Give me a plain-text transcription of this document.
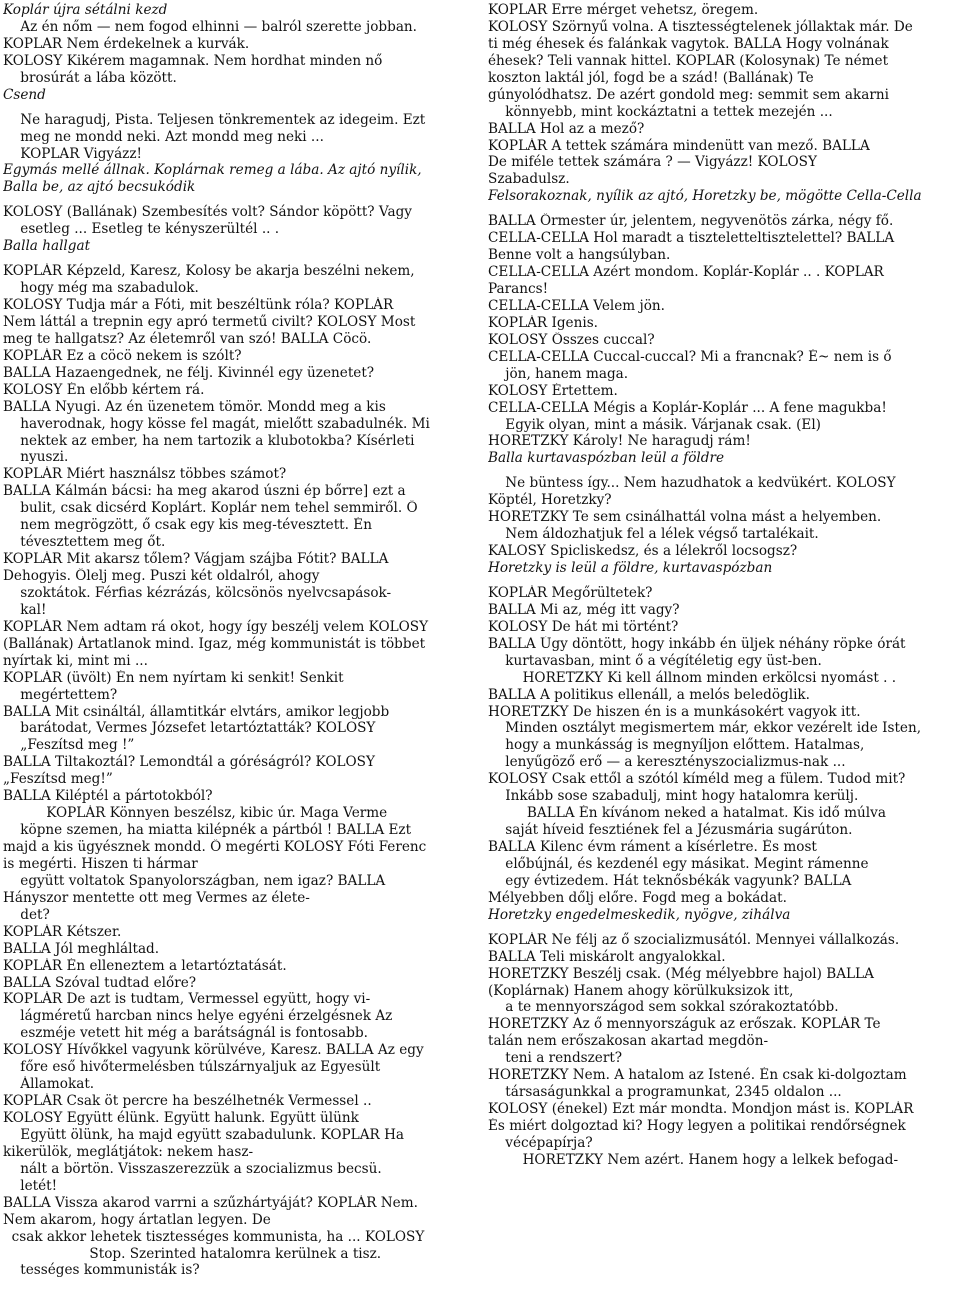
Koplár újra sétálni kezd
Az én nőm — nem fogod elhinni — balról szerette jobban.
KOPLAR Nem érdekelnek a kurvák.
KOLOSY Kikérem magamnak. Nem hordhat minden nő
brosúrát a lába között.
Csend
Ne haragudj, Pista. Teljesen tönkrementek az idegeim. Ezt
meg ne mondd neki. Azt mondd meg neki ...
KOPLAR Vigyázz!
Egymás mellé állnak. Koplárnak remeg a lába. Az ajtó nyílik,
Balla be, az ajtó becsukódik
KOLOSY (Ballának) Szembesítés volt? Sándor köpött? Vagy
esetleg ... Esetleg te kényszerültél .. .
Balla hallgat
KOPLÁR Képzeld, Karesz, Kolosy be akarja beszélni nekem,
hogy még ma szabadulok.
KOLOSY Tudja már a Fóti, mit beszéltünk róla? KOPLÁR
Nem láttál a trepnin egy apró termetű civilt? KOLOSY Most
meg te hallgatsz? Az életemről van szó! BALLA Cöcö.
KOPLÁR Ez a cöcö nekem is szólt?
BALLA Hazaengednek, ne félj. Kivinnél egy üzenetet?
KOLOSY Én előbb kértem rá.
BALLA Nyugi. Az én üzenetem tömör. Mondd meg a kis
haverodnak, hogy kösse fel magát, mielőtt szabadulnék. Mi
nektek az ember, ha nem tartozik a klubotokba? Kísérleti
nyuszi.
KOPLÁR Miért használsz többes számot?
BALLA Kálmán bácsi: ha meg akarod úszni ép bőrre] ezt a
bulit, csak dicsérd Koplárt. Koplár nem tehel semmiről. Ő
nem megrögzött, ő csak egy kis meg-tévesztett. Én
tévesztettem meg őt.
KOPLÁR Mit akarsz tőlem? Vágjam szájba Fótit? BALLA
Dehogyis. Ölelj meg. Puszi két oldalról, ahogy
szoktátok. Férfias kézrázás, kölcsönös nyelvcsapások-
kal!
KOPLÁR Nem adtam rá okot, hogy így beszélj velem KOLOSY
(Ballának) Ártatlanok mind. Igaz, még kommunistát is többet
nyírtak ki, mint mi ...
KOPLÁR (üvölt) Én nem nyírtam ki senkit! Senkit
megértettem?
BALLA Mit csináltál, államtitkár elvtárs, amikor legjobb
barátodat, Vermes Józsefet letartóztatták? KOLOSY
„Feszítsd meg !”
BALLA Tiltakoztál? Lemondtál a góréságról? KOLOSY
„Feszítsd meg!”
BALLA Kiléptél a pártotokból?
KOPLÁR Könnyen beszélsz, kibic úr. Maga Verme
köpne szemen, ha miatta kilépnék a pártból ! BALLA Ezt
majd a kis ügyésznek mondd. Ő megérti KOLOSY Fóti Ferenc
is megérti. Hiszen ti hármar
együtt voltatok Spanyolországban, nem igaz? BALLA
Hányszor mentette ott meg Vermes az élete-
det?
KOPLÁR Kétszer.
BALLA Jól meghláltad.
KOPLÁR Én elleneztem a letartóztatását.
BALLA Szóval tudtad előre?
KOPLÁR De azt is tudtam, Vermessel együtt, hogy vi-
lágméretű harcban nincs helye egyéni érzelgésnek Az
eszméje vetett hit még a barátságnál is fontosabb.
KOLOSY Hívőkkel vagyunk körülvéve, Karesz. BALLA Az egy
főre eső hivőtermelésben túlszárnyaljuk az Egyesült
Államokat.
KOPLÁR Csak öt percre ha beszélhetnék Vermessel ..
KOLOSY Együtt élünk. Együtt halunk. Együtt ülünk
Együtt ölünk, ha majd együtt szabadulunk. KOPLAR Ha
kikerülök, meglátjátok: nekem hasz-
nált a börtön. Visszaszerezzük a szocializmus becsü.
letét!
BALLA Vissza akarod varrni a szűzhártyáját? KOPLÁR Nem.
Nem akarom, hogy ártatlan legyen. De
csak akkor lehetek tisztességes kommunista, ha ... KOLOSY
Stop. Szerinted hatalomra kerülnek a tisz.
tességes kommunisták is?
KOPLAR Erre mérget vehetsz, öregem.
KOLOSY Szörnyű volna. A tisztességtelenek jóllaktak már. De
ti még éhesek és falánkak vagytok. BALLA Hogy volnának
éhesek? Teli vannak hittel. KOPLAR (Kolosynak) Te német
koszton laktál jól, fogd be a szád! (Ballának) Te
gúnyolódhatsz. De azért gondold meg: semmit sem akarni
könnyebb, mint kockáztatni a tettek mezején ...
BALLA Hol az a mező?
KOPLÁR A tettek számára mindenütt van mező. BALLA
De miféle tettek számára ? — Vigyázz! KOLOSY
Szabadulsz.
Felsorakoznak, nyílik az ajtó, Horetzky be, mögötte Cella-Cella
BALLA Őrmester úr, jelentem, negyvenötös zárka, négy fő.
CELLA-CELLA Hol maradt a tiszteletteltisztelettel? BALLA
Benne volt a hangsúlyban.
CELLA-CELLA Azért mondom. Koplár-Koplár .. . KOPLAR
Parancs!
CELLA-CELLA Velem jön.
KOPLÁR Igenis.
KOLOSY Összes cuccal?
CELLA-CELLA Cuccal-cuccal? Mi a francnak? É~ nem is ő
jön, hanem maga.
KOLOSY Értettem.
CELLA-CELLA Mégis a Koplár-Koplár ... A fene magukba!
Egyik olyan, mint a másik. Várjanak csak. (El)
HORETZKY Károly! Ne haragudj rám!
Balla kurtavaspózban leül a földre
Ne büntess így... Nem hazudhatok a kedvükért. KOLOSY
Köptél, Horetzky?
HORETZKY Te sem csinálhattál volna mást a helyemben.
Nem áldozhatjuk fel a lélek végső tartalékait.
KALOSY Spicliskedsz, és a lélekről locsogsz?
Horetzky is leül a földre, kurtavaspózban
KOPLÁR Megőrültetek?
BALLA Mi az, még itt vagy?
KOLOSY De hát mi történt?
BALLA Úgy döntött, hogy inkább én üljek néhány röpke órát
kurtavasban, mint ő a végítéletig egy üst-ben.
HORETZKY Ki kell állnom minden erkölcsi nyomást . .
BALLA A politikus ellenáll, a melós beledöglik.
HORETZKY De hiszen én is a munkásokért vagyok itt.
Minden osztályt megismertem már, ekkor vezérelt ide Isten,
hogy a munkásság is megnyíljon előttem. Hatalmas,
lenyűgöző erő — a keresztényszocializmus-nak ...
KOLOSY Csak ettől a szótól kíméld meg a fülem. Tudod mit?
Inkább sose szabadulj, mint hogy hatalomra kerülj.
BALLA Én kívánom neked a hatalmat. Kis idő múlva
saját híveid fesztiének fel a Jézusmária sugárúton.
BALLA Kilenc évm ráment a kísérletre. És most
előbújnál, és kezdenél egy másikat. Megint rámenne
egy évtizedem. Hát teknősbékák vagyunk? BALLA
Mélyebben dőlj előre. Fogd meg a bokádat.
Horetzky engedelmeskedik, nyögve, zihálva
KOPLÁR Ne félj az ő szocializmusától. Mennyei vállalkozás.
BALLA Teli miskárolt angyalokkal.
HORETZKY Beszélj csak. (Még mélyebbre hajol) BALLA
(Koplárnak) Hanem ahogy körülkuksizok itt,
a te mennyországod sem sokkal szórakoztatóbb.
HORETZKY Az ő mennyországuk az erőszak. KOPLÁR Te
talán nem erőszakosan akartad megdön-
teni a rendszert?
HORETZKY Nem. A hatalom az Istené. Én csak ki-dolgoztam
társaságunkkal a programunkat, 2345 oldalon ...
KOLOSY (énekel) Ezt már mondta. Mondjon mást is. KOPLÁR
És miért dolgoztad ki? Hogy legyen a politikai rendőrségnek
vécépapírja?
HORETZKY Nem azért. Hanem hogy a lelkek befogad-
